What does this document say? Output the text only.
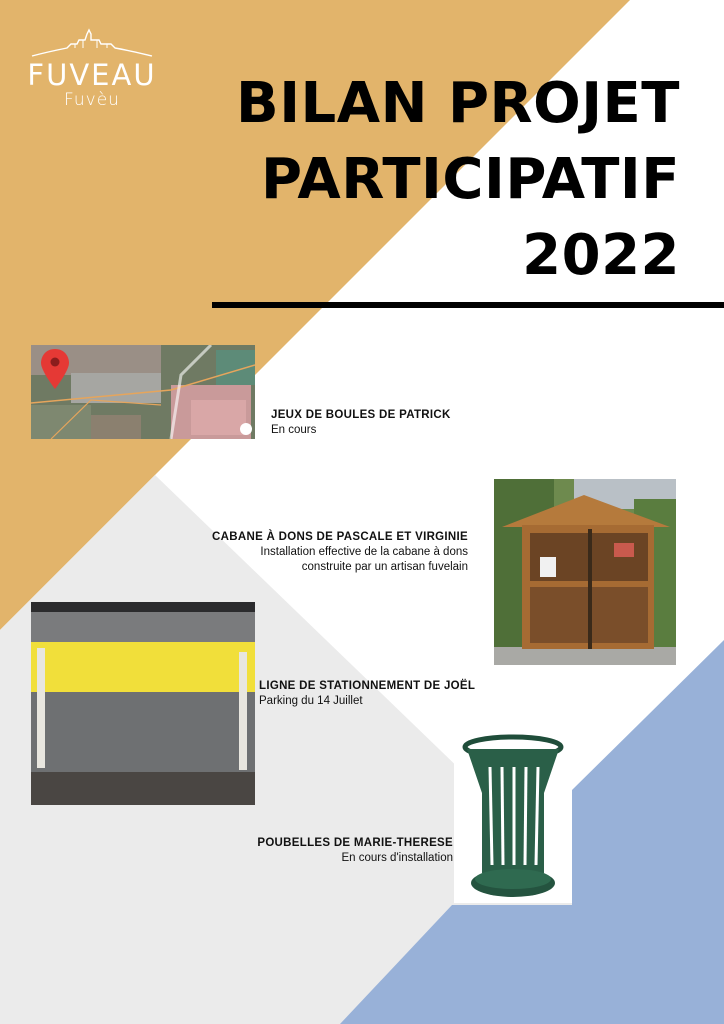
FUVEAU
Fuvèu	BILAN PROJET
PARTICIPATIF
2022
JEUX DE BOULES DE PATRICK
En cours
CABANE À DONS DE PASCALE ET VIRGINIE
Installation effective de la cabane à dons
construite par un artisan fuvelain
LIGNE DE STATIONNEMENT DE JOËL
Parking du 14 Juillet
POUBELLES DE MARIE-THERESE
En cours d'installation
